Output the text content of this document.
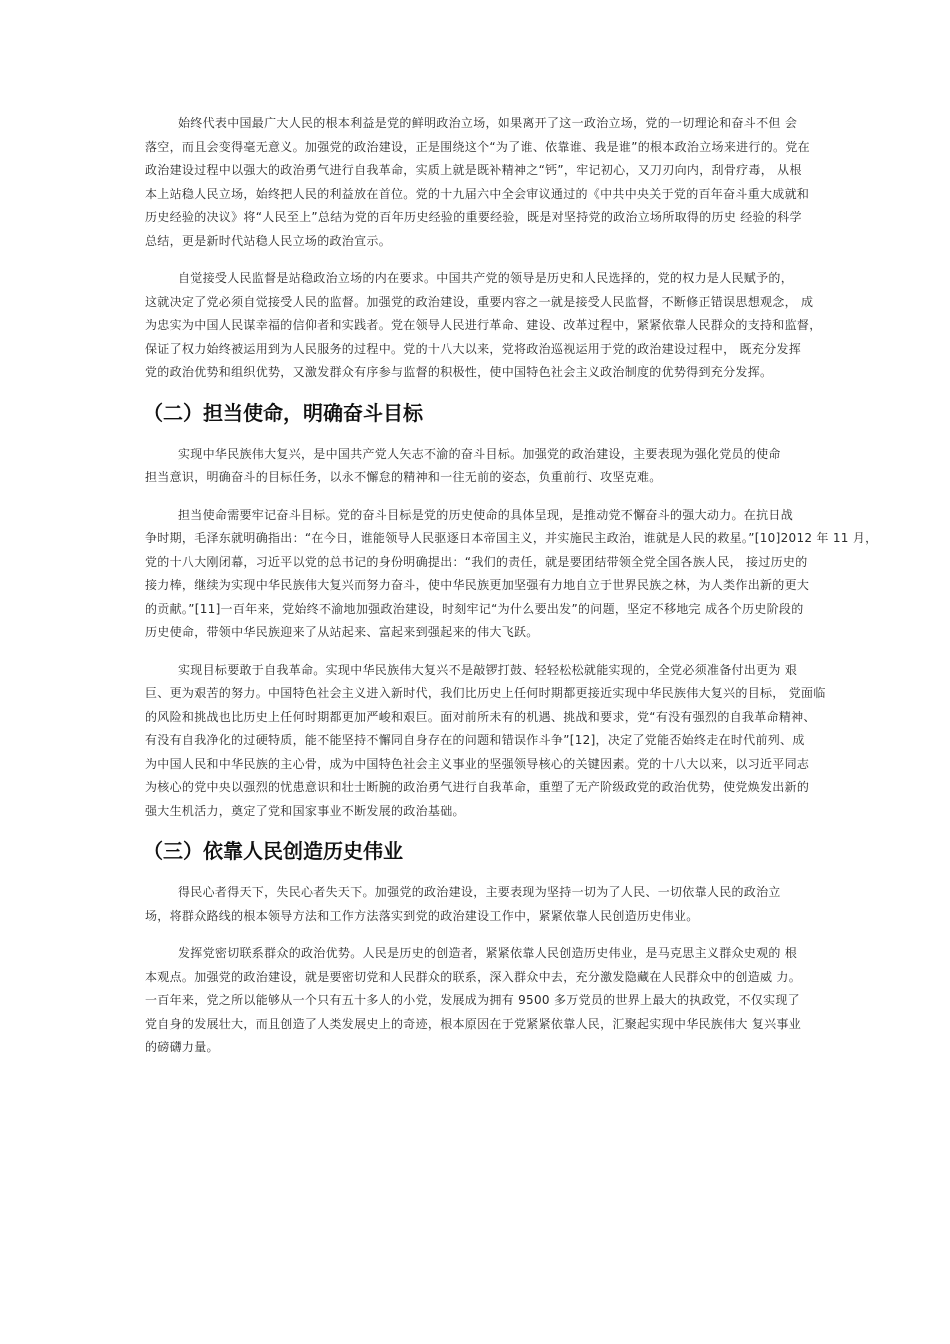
始终代表中国最广大人民的根本利益是党的鲜明政治立场，如果离开了这一政治立场，党的一切理论和奋斗不但 会
落空，而且会变得毫无意义。加强党的政治建设，正是围绕这个“为了谁、依靠谁、我是谁”的根本政治立场来进行的。党在
政治建设过程中以强大的政治勇气进行自我革命，实质上就是既补精神之“钙”，牢记初心，又刀刃向内，刮骨疗毒， 从根
本上站稳人民立场，始终把人民的利益放在首位。党的十九届六中全会审议通过的《中共中央关于党的百年奋斗重大成就和
历史经验的决议》将“人民至上”总结为党的百年历史经验的重要经验，既是对坚持党的政治立场所取得的历史 经验的科学
总结，更是新时代站稳人民立场的政治宣示。
自觉接受人民监督是站稳政治立场的内在要求。中国共产党的领导是历史和人民选择的，党的权力是人民赋予的，
这就决定了党必须自觉接受人民的监督。加强党的政治建设，重要内容之一就是接受人民监督，不断修正错误思想观念， 成
为忠实为中国人民谋幸福的信仰者和实践者。党在领导人民进行革命、建设、改革过程中，紧紧依靠人民群众的支持和监督，
保证了权力始终被运用到为人民服务的过程中。党的十八大以来，党将政治巡视运用于党的政治建设过程中， 既充分发挥
党的政治优势和组织优势，又激发群众有序参与监督的积极性，使中国特色社会主义政治制度的优势得到充分发挥。
（二）担当使命，明确奋斗目标
实现中华民族伟大复兴，是中国共产党人矢志不渝的奋斗目标。加强党的政治建设，主要表现为强化党员的使命
担当意识，明确奋斗的目标任务，以永不懈怠的精神和一往无前的姿态，负重前行、攻坚克难。
担当使命需要牢记奋斗目标。党的奋斗目标是党的历史使命的具体呈现，是推动党不懈奋斗的强大动力。在抗日战
争时期，毛泽东就明确指出：“在今日，谁能领导人民驱逐日本帝国主义，并实施民主政治，谁就是人民的救星。”[10]2012 年 11 月，
党的十八大刚闭幕，习近平以党的总书记的身份明确提出：“我们的责任，就是要团结带领全党全国各族人民， 接过历史的
接力棒，继续为实现中华民族伟大复兴而努力奋斗，使中华民族更加坚强有力地自立于世界民族之林，为人类作出新的更大
的贡献。”[11]一百年来，党始终不渝地加强政治建设，时刻牢记“为什么要出发”的问题，坚定不移地完 成各个历史阶段的
历史使命，带领中华民族迎来了从站起来、富起来到强起来的伟大飞跃。
实现目标要敢于自我革命。实现中华民族伟大复兴不是敲锣打鼓、轻轻松松就能实现的，全党必须准备付出更为 艰
巨、更为艰苦的努力。中国特色社会主义进入新时代，我们比历史上任何时期都更接近实现中华民族伟大复兴的目标， 党面临
的风险和挑战也比历史上任何时期都更加严峻和艰巨。面对前所未有的机遇、挑战和要求，党“有没有强烈的自我革命精神、
有没有自我净化的过硬特质，能不能坚持不懈同自身存在的问题和错误作斗争”[12]，决定了党能否始终走在时代前列、成
为中国人民和中华民族的主心骨，成为中国特色社会主义事业的坚强领导核心的关键因素。党的十八大以来，以习近平同志
为核心的党中央以强烈的忧患意识和壮士断腕的政治勇气进行自我革命，重塑了无产阶级政党的政治优势，使党焕发出新的
强大生机活力，奠定了党和国家事业不断发展的政治基础。
（三）依靠人民创造历史伟业
得民心者得天下，失民心者失天下。加强党的政治建设，主要表现为坚持一切为了人民、一切依靠人民的政治立
场，将群众路线的根本领导方法和工作方法落实到党的政治建设工作中，紧紧依靠人民创造历史伟业。
发挥党密切联系群众的政治优势。人民是历史的创造者，紧紧依靠人民创造历史伟业，是马克思主义群众史观的 根
本观点。加强党的政治建设，就是要密切党和人民群众的联系，深入群众中去，充分激发隐藏在人民群众中的创造威 力。
一百年来，党之所以能够从一个只有五十多人的小党，发展成为拥有 9500 多万党员的世界上最大的执政党，不仅实现了
党自身的发展壮大，而且创造了人类发展史上的奇迹，根本原因在于党紧紧依靠人民，汇聚起实现中华民族伟大 复兴事业
的磅礴力量。
